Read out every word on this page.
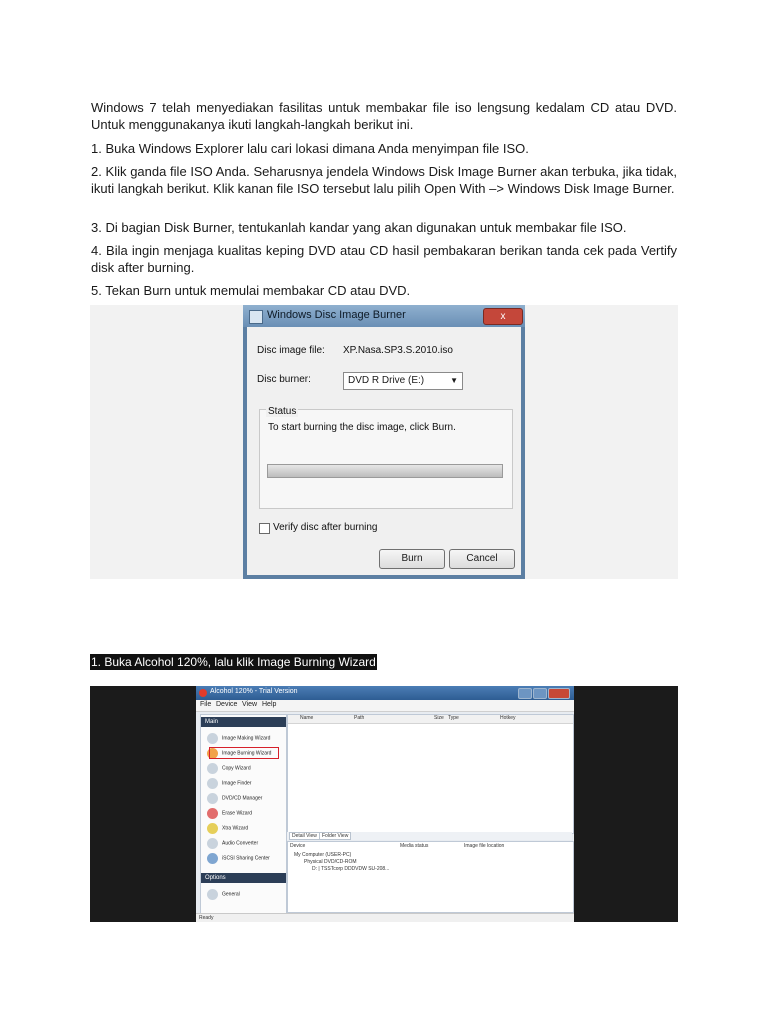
Windows 7 telah menyediakan fasilitas untuk membakar file iso lengsung kedalam CD atau DVD. Untuk menggunakanya ikuti langkah-langkah berikut ini.
1. Buka Windows Explorer lalu cari lokasi dimana Anda menyimpan file ISO.
2. Klik ganda file ISO Anda. Seharusnya jendela Windows Disk Image Burner akan terbuka, jika tidak, ikuti langkah berikut. Klik kanan file ISO tersebut lalu pilih Open With –> Windows Disk Image Burner.
3. Di bagian Disk Burner, tentukanlah kandar yang akan digunakan untuk membakar file ISO.
4. Bila ingin menjaga kualitas keping DVD atau CD hasil pembakaran berikan tanda cek pada Vertify disk after burning.
5. Tekan Burn untuk memulai membakar CD atau DVD.
Windows Disc Image Burner	x
Disc image file: XP.Nasa.SP3.S.2010.iso
Disc burner:	DVD R Drive (E:)	▼
Status
To start burning the disc image, click Burn.
Verify disc after burning
Burn	Cancel
1. Buka Alcohol 120%, lalu klik Image Burning Wizard
Alcohol 120% - Trial Version
File Device View Help
Main
Image Making Wizard
Image Burning Wizard
Copy Wizard
Image Finder
DVD/CD Manager
Erase Wizard
Xtra Wizard
Audio Converter
iSCSI Sharing Center
Options
General
Name	Path	Size Type	Hotkey
Detail View	Folder View
Device	Media status	Image file location
My Computer (USER-PC)
Physical DVD/CD-ROM
D: | TSSTcorp DDDVDW SU-208...
Ready
